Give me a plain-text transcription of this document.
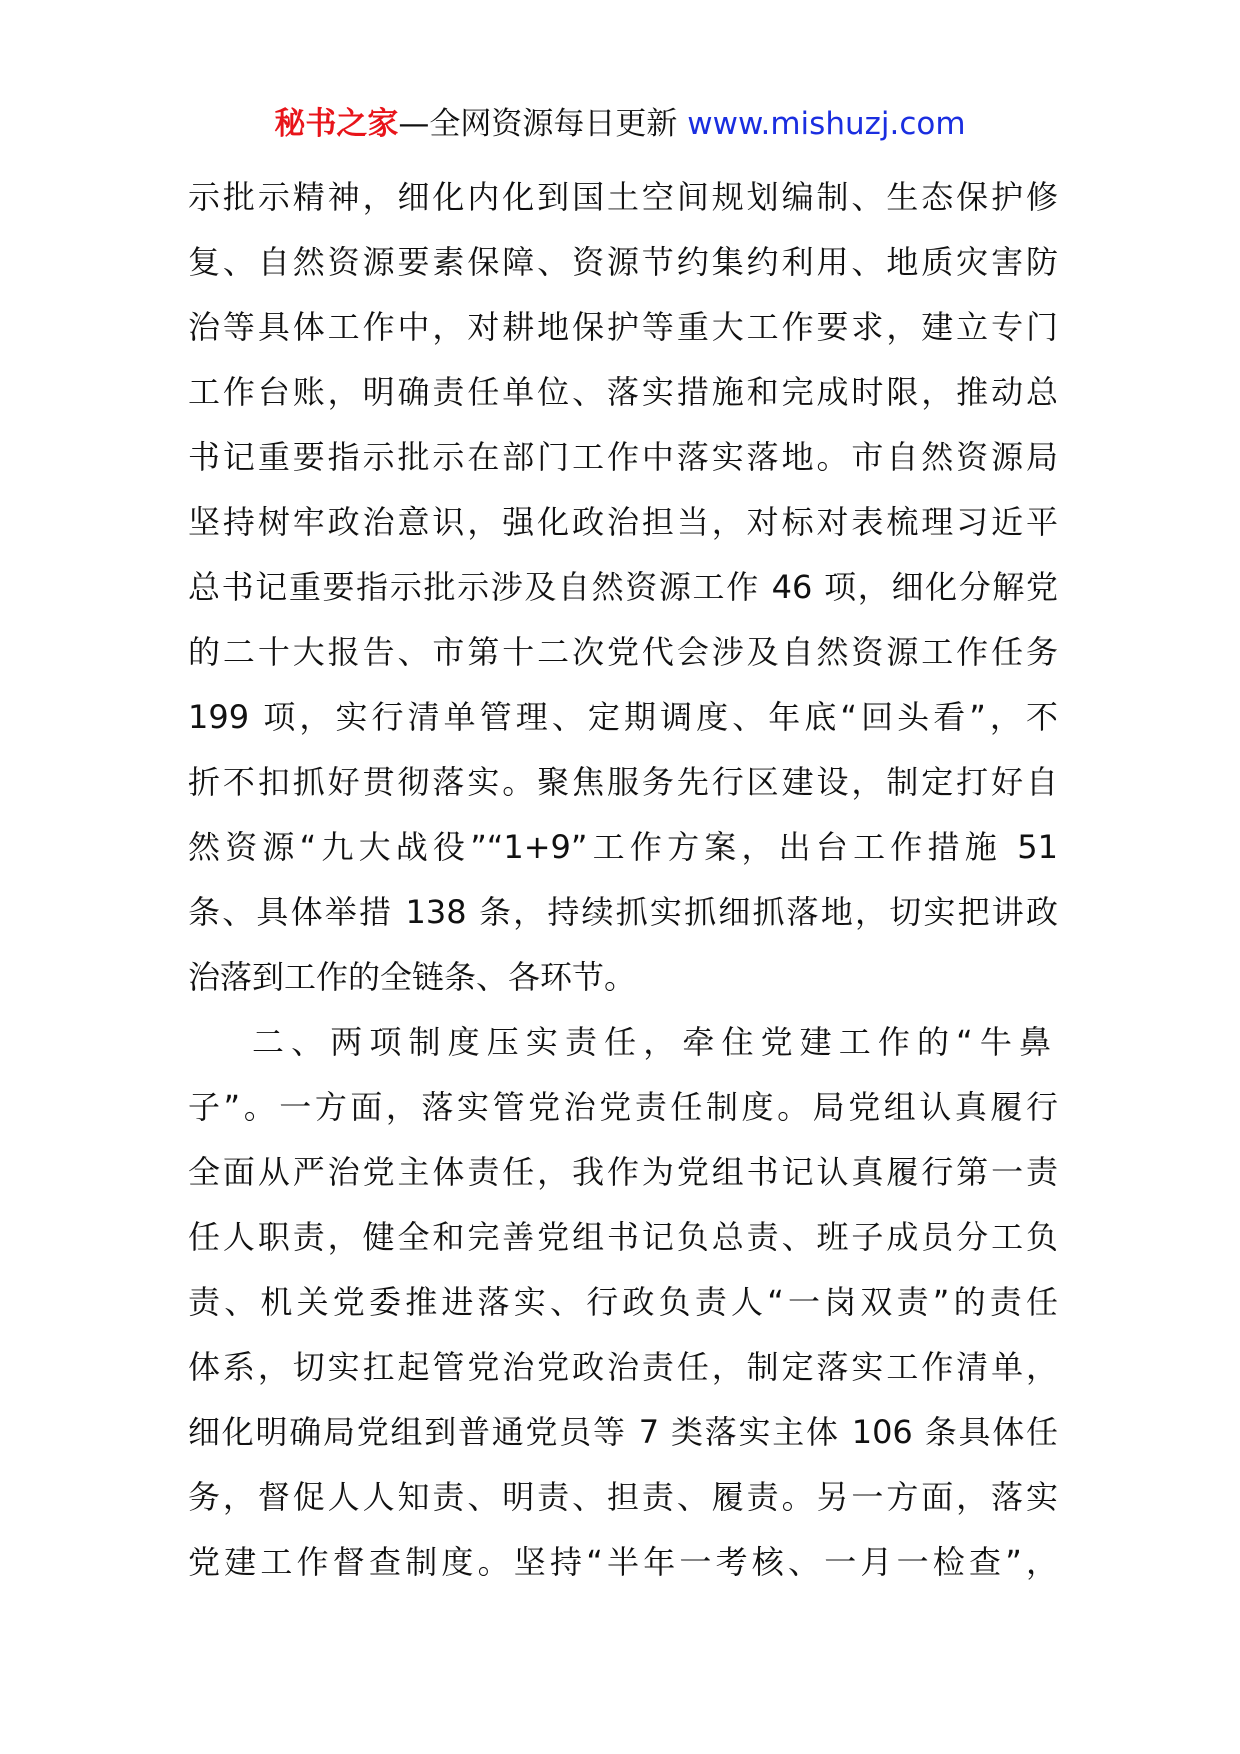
秘书之家—全网资源每日更新 www.mishuzj.com
示批示精神，细化内化到国土空间规划编制、生态保护修
复、自然资源要素保障、资源节约集约利用、地质灾害防
治等具体工作中，对耕地保护等重大工作要求，建立专门
工作台账，明确责任单位、落实措施和完成时限，推动总
书记重要指示批示在部门工作中落实落地。市自然资源局
坚持树牢政治意识，强化政治担当，对标对表梳理习近平
总书记重要指示批示涉及自然资源工作 46 项，细化分解党
的二十大报告、市第十二次党代会涉及自然资源工作任务
199 项，实行清单管理、定期调度、年底“回头看”，不
折不扣抓好贯彻落实。聚焦服务先行区建设，制定打好自
然资源“九大战役”“1+9”工作方案，出台工作措施 51
条、具体举措 138 条，持续抓实抓细抓落地，切实把讲政
治落到工作的全链条、各环节。
二、两项制度压实责任，牵住党建工作的“牛鼻
子”。一方面，落实管党治党责任制度。局党组认真履行
全面从严治党主体责任，我作为党组书记认真履行第一责
任人职责，健全和完善党组书记负总责、班子成员分工负
责、机关党委推进落实、行政负责人“一岗双责”的责任
体系，切实扛起管党治党政治责任，制定落实工作清单，
细化明确局党组到普通党员等 7 类落实主体 106 条具体任
务，督促人人知责、明责、担责、履责。另一方面，落实
党建工作督查制度。坚持“半年一考核、一月一检查”，
